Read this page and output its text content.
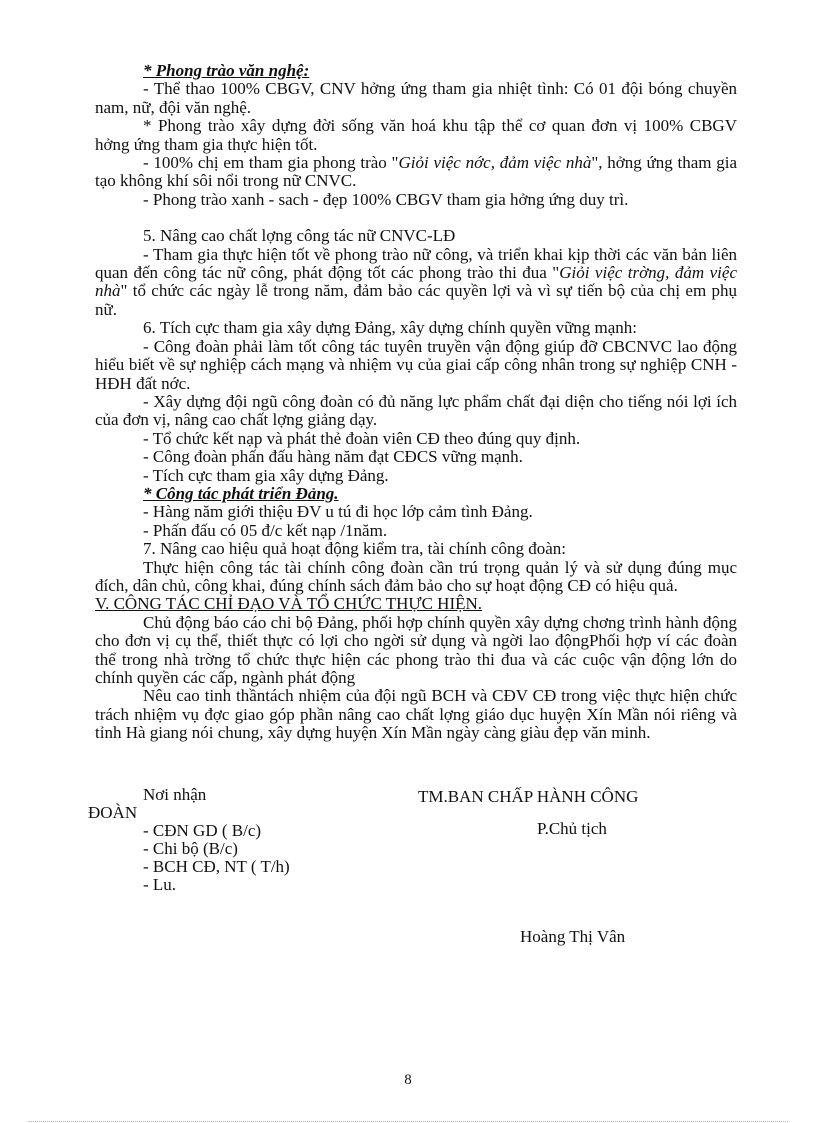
* Phong trào văn nghệ:

- Thể thao 100% CBGV, CNV hởng ứng tham gia nhiệt tình: Có 01 đội bóng chuyền nam, nữ, đội văn nghệ.

* Phong trào xây dựng đời sống văn hoá khu tập thể cơ quan đơn vị 100% CBGV hởng ứng tham gia thực hiện tốt.

- 100% chị em tham gia phong trào "Giỏi việc nớc, đảm việc nhà", hởng ứng tham gia tạo không khí sôi nổi trong nữ CNVC.

- Phong trào xanh - sach - đẹp 100% CBGV tham gia hởng ứng duy trì.

5. Nâng cao chất lợng công tác nữ CNVC-LĐ

- Tham gia thực hiện tốt về phong trào nữ công, và triển khai kịp thời các văn bản liên quan đến công tác nữ công, phát động tốt các phong trào thi đua "Giỏi việc trờng, đảm việc nhà" tổ chức các ngày lễ trong năm, đảm bảo các quyền lợi và vì sự tiến bộ của chị em phụ nữ.

6. Tích cực tham gia xây dựng Đảng, xây dựng chính quyền vững mạnh:

- Công đoàn phải làm tốt công tác tuyên truyền vận động giúp đỡ CBCNVC lao động hiểu biết về sự nghiệp cách mạng và nhiệm vụ của giai cấp công nhân trong sự nghiệp CNH - HĐH đất nớc.

- Xây dựng đội ngũ công đoàn có đủ năng lực phẩm chất đại diện cho tiếng nói lợi ích của đơn vị, nâng cao chất lợng giảng dạy.

- Tổ chức kết nạp và phát thẻ đoàn viên CĐ theo đúng quy định.

- Công đoàn phấn đấu hàng năm đạt CĐCS vững mạnh.

- Tích cực tham gia xây dựng Đảng.

* Công tác phát triển Đảng.

- Hàng năm giới thiệu ĐV u tú đi học lớp cảm tình Đảng.

- Phấn đấu có 05 đ/c kết nạp /1năm.

7. Nâng cao hiệu quả hoạt động kiểm tra, tài chính công đoàn:

Thực hiện công tác tài chính công đoàn cần trú trọng quản lý và sử dụng đúng mục đích, dân chủ, công khai, đúng chính sách đảm bảo cho sự hoạt động CĐ có hiệu quả.

V. CÔNG TÁC CHỈ ĐẠO VÀ TỔ CHỨC THỰC HIỆN.

Chủ động báo cáo chi bộ Đảng, phối hợp chính quyền xây dựng chơng trình hành động cho đơn vị cụ thể, thiết thực có lợi cho ngời sử dụng và ngời lao độngPhối hợp ví các đoàn thể trong nhà trờng tổ chức thực hiện các phong trào thi đua và các cuộc vận động lớn do chính quyền các cấp, ngành phát động

Nêu cao tinh thầntách nhiệm của đội ngũ BCH và CĐV CĐ trong việc thực hiện chức trách nhiệm vụ đợc giao góp phần nâng cao chất lợng giáo dục huyện Xín Mần nói riêng và tỉnh Hà giang nói chung, xây dựng huyện Xín Mần ngày càng giàu đẹp văn minh.

Nơi nhận
ĐOÀN
- CĐN GD ( B/c)
- Chi bộ (B/c)
- BCH CĐ, NT ( T/h)
- Lu.
TM.BAN CHẤP HÀNH CÔNG
P.Chủ tịch
Hoàng Thị Vân
8
